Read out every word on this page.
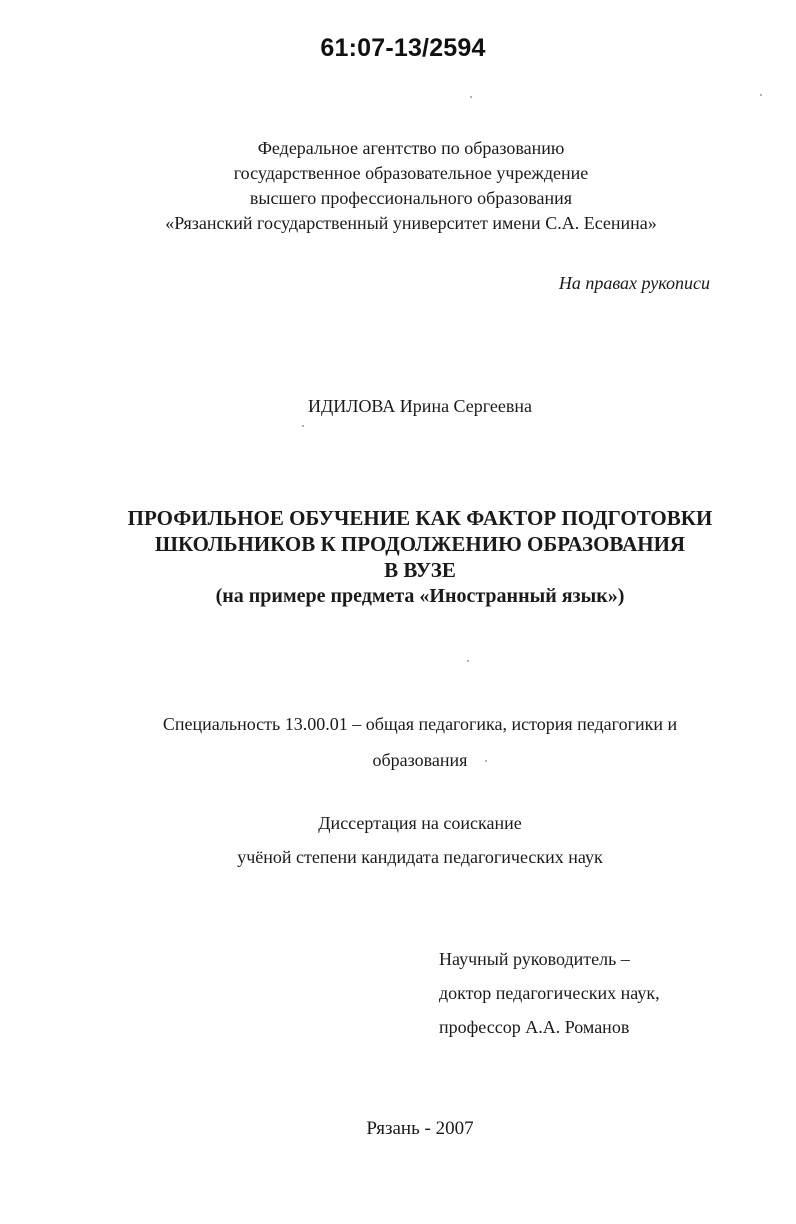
61:07-13/2594
Федеральное агентство по образованию
государственное образовательное учреждение
высшего профессионального образования
«Рязанский государственный университет имени С.А. Есенина»
На правах рукописи
ИДИЛОВА Ирина Сергеевна
ПРОФИЛЬНОЕ ОБУЧЕНИЕ КАК ФАКТОР ПОДГОТОВКИ
ШКОЛЬНИКОВ К ПРОДОЛЖЕНИЮ ОБРАЗОВАНИЯ
В ВУЗЕ
(на примере предмета «Иностранный язык»)
Специальность 13.00.01 – общая педагогика, история педагогики и
образования
Диссертация на соискание
учёной степени кандидата педагогических наук
Научный руководитель –
доктор педагогических наук,
профессор А.А. Романов
Рязань - 2007
